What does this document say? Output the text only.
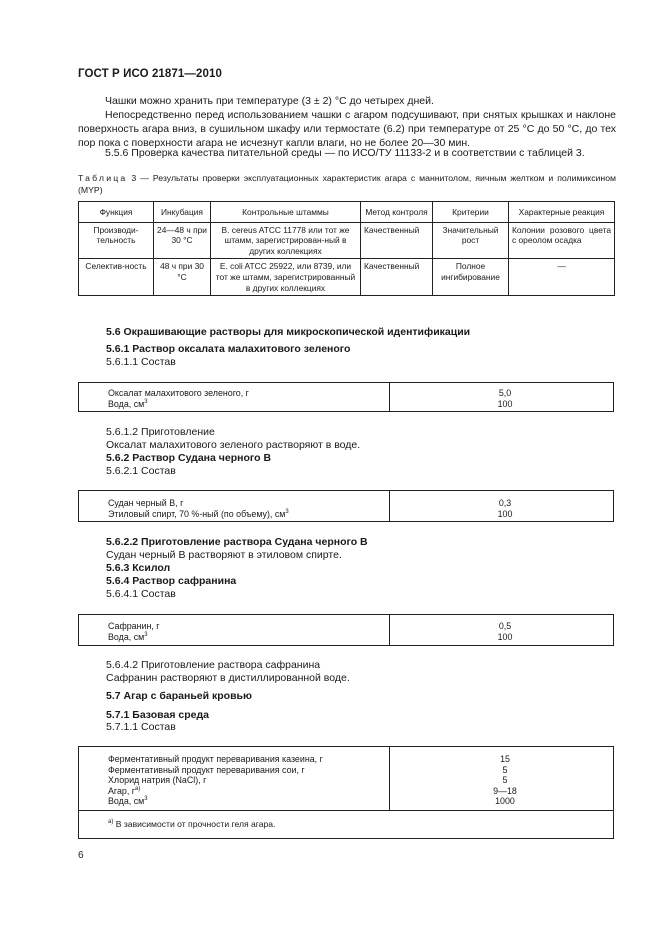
ГОСТ Р ИСО 21871—2010
Чашки можно хранить при температуре (3 ± 2) °С до четырех дней.
Непосредственно перед использованием чашки с агаром подсушивают, при снятых крышках и наклоне поверхность агара вниз, в сушильном шкафу или термостате (6.2) при температуре от 25 °С до 50 °С, до тех пор пока с поверхности агара не исчезнут капли влаги, но не более 20—30 мин.
5.5.6 Проверка качества питательной среды — по ИСО/ТУ 11133-2 и в соответствии с таблицей 3.
Таблица 3 — Результаты проверки эксплуатационных характеристик агара с маннитолом, яичным желтком и полимиксином (MYP)
Функция	Инкубация	Контрольные штаммы	Метод контроля	Критерии	Характерные реакция
Производи-тельность	24—48 ч при 30 °С	B. cereus ATCC 11778 или тот же штамм, зарегистрирован-ный в других коллекциях	Качественный	Значительный рост	Колонии розового цвета с ореолом осадка
Селектив-ность	48 ч при 30 °С	E. coli ATCC 25922, или 8739, или тот же штамм, зарегистрированный в других коллекциях	Качественный	Полное ингибирование	—
5.6 Окрашивающие растворы для микроскопической идентификации
5.6.1 Раствор оксалата малахитового зеленого
5.6.1.1 Состав
Оксалат малахитового зеленого, г	5,0
Вода, $см^3$	100
5.6.1.2 Приготовление
Оксалат малахитового зеленого растворяют в воде.
5.6.2 Раствор Судана черного В
5.6.2.1 Состав
Судан черный В, г	0,3
Этиловый спирт, 70 %-ный (по объему), $см^3$	100
5.6.2.2 Приготовление раствора Судана черного В
Судан черный В растворяют в этиловом спирте.
5.6.3 Ксилол
5.6.4 Раствор сафранина
5.6.4.1 Состав
Сафранин, г	0,5
Вода, $см^3$	100
5.6.4.2 Приготовление раствора сафранина
Сафранин растворяют в дистиллированной воде.
5.7 Агар с бараньей кровью
5.7.1 Базовая среда
5.7.1.1 Состав
Ферментативный продукт переваривания казеина, г	15
Ферментативный продукт переваривания сои, г	5
Хлорид натрия (NaCl), г	5
Агар, $г^{а)}$	9—18
Вода, $см^3$	1000
$^{а)}$ В зависимости от прочности геля агара.
6
